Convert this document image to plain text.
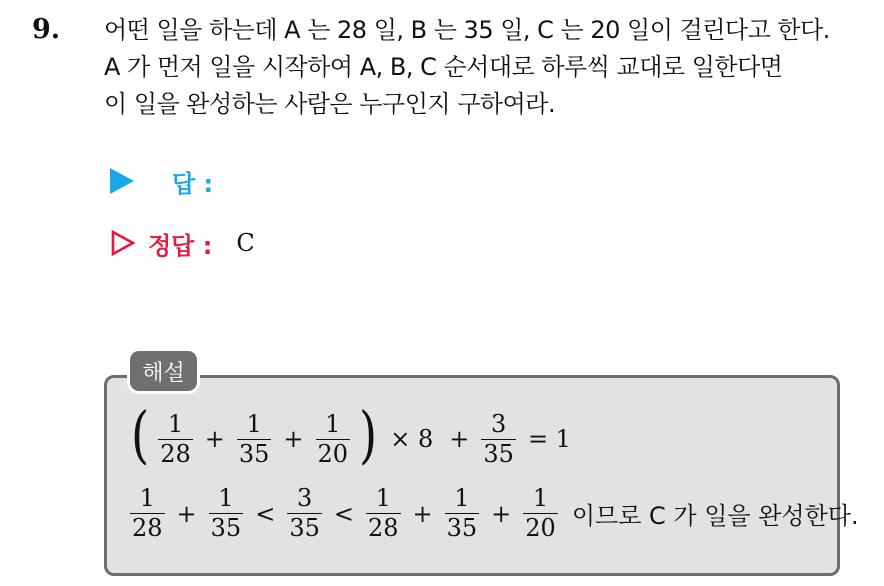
9. 어떤 일을 하는데 A 는 28 일, B 는 35 일, C 는 20 일이 걸린다고 한다.
A 가 먼저 일을 시작하여 A, B, C 순서대로 하루씩 교대로 일한다면
이 일을 완성하는 사람은 누구인지 구하여라.
답 :
정답 : C
해설
( $\frac{1}{28} + \frac{1}{35} + \frac{1}{20}$ ) × $8 + \frac{3}{35} = 1$
$\frac{1}{28} + \frac{1}{35} < \frac{3}{35} < \frac{1}{28} + \frac{1}{35} + \frac{1}{20}$ 이므로 C 가 일을 완성한다.
